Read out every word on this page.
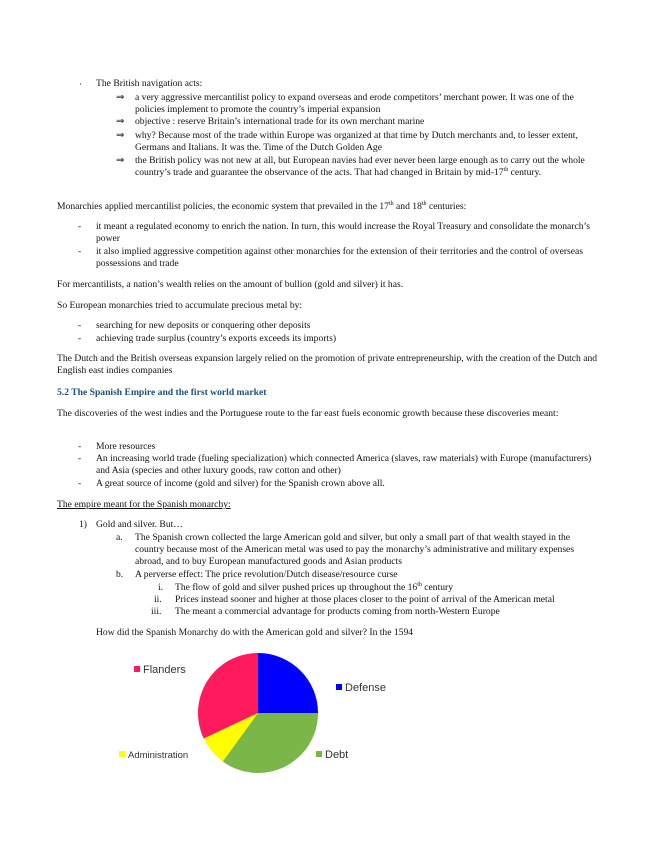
· The British navigation acts:

⇒ a very aggressive mercantilist policy to expand overseas and erode competitors’ merchant power. It was one of the policies implement to promote the country’s imperial expansion

⇒ objective : reserve Britain’s international trade for its own merchant marine

⇒ why? Because most of the trade within Europe was organized at that time by Dutch merchants and, to lesser extent, Germans and Italians. It was the. Time of the Dutch Golden Age

⇒ the British policy was not new at all, but European navies had ever never been large enough as to carry out the whole country’s trade and guarantee the observance of the acts. That had changed in Britain by mid-17th century.

Monarchies applied mercantilist policies, the economic system that prevailed in the 17th and 18th centuries:

-	it meant a regulated economy to enrich the nation. In turn, this would increase the Royal Treasury and consolidate the monarch’s power

-	it also implied aggressive competition against other monarchies for the extension of their territories and the control of overseas possessions and trade

For mercantilists, a nation’s wealth relies on the amount of bullion (gold and silver) it has.

So European monarchies tried to accumulate precious metal by:

-	searching for new deposits or conquering other deposits

-	achieving trade surplus (country’s exports exceeds its imports)

The Dutch and the British overseas expansion largely relied on the promotion of private entrepreneurship, with the creation of the Dutch and English east indies companies

5.2 The Spanish Empire and the first world market

The discoveries of the west indies and the Portuguese route to the far east fuels economic growth because these discoveries meant:

-	More resources

-	An increasing world trade (fueling specialization) which connected America (slaves, raw materials) with Europe (manufacturers) and Asia (species and other luxury goods, raw cotton and other)

-	A great source of income (gold and silver) for the Spanish crown above all.

The empire meant for the Spanish monarchy:

1) Gold and silver. But…

a. The Spanish crown collected the large American gold and silver, but only a small part of that wealth stayed in the country because most of the American metal was used to pay the monarchy’s administrative and military expenses abroad, and to buy European manufactured goods and Asian products

b. A perverse effect: The price revolution/Dutch disease/resource curse

i. The flow of gold and silver pushed prices up throughout the 16th century

ii. Prices instead sooner and higher at those places closer to the point of arrival of the American metal

iii. The meant a commercial advantage for products coming from north-Western Europe

How did the Spanish Monarchy do with the American gold and silver? In the 1594

Defense
Debt
Administration
Flanders
